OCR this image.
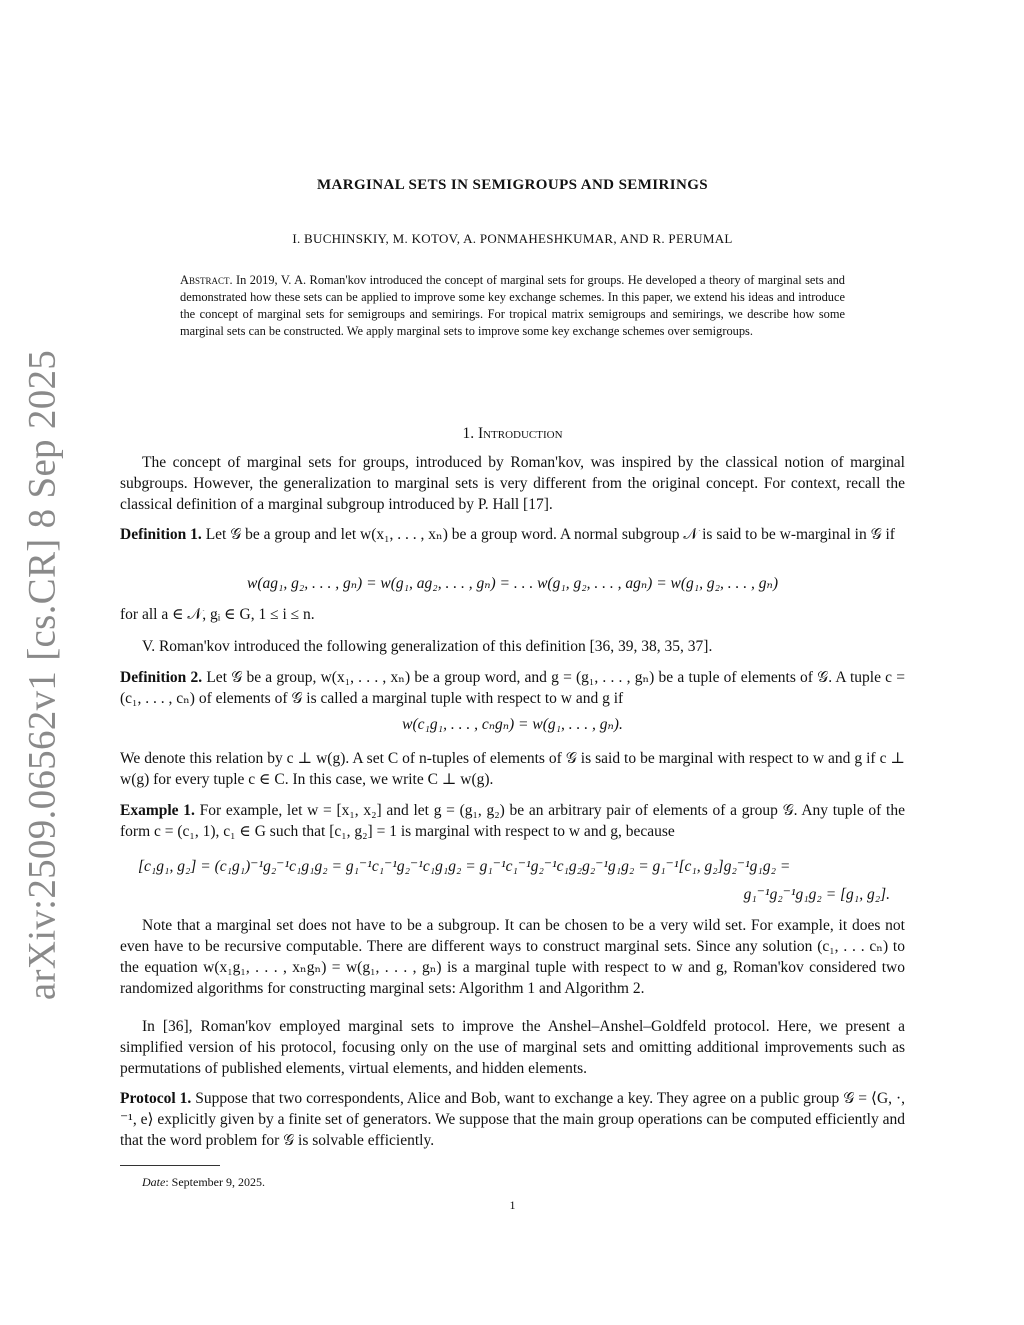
arXiv:2509.06562v1 [cs.CR] 8 Sep 2025
MARGINAL SETS IN SEMIGROUPS AND SEMIRINGS
I. BUCHINSKIY, M. KOTOV, A. PONMAHESHKUMAR, AND R. PERUMAL
Abstract. In 2019, V. A. Roman'kov introduced the concept of marginal sets for groups. He developed a theory of marginal sets and demonstrated how these sets can be applied to improve some key exchange schemes. In this paper, we extend his ideas and introduce the concept of marginal sets for semigroups and semirings. For tropical matrix semigroups and semirings, we describe how some marginal sets can be constructed. We apply marginal sets to improve some key exchange schemes over semigroups.
1. Introduction
The concept of marginal sets for groups, introduced by Roman'kov, was inspired by the classical notion of marginal subgroups. However, the generalization to marginal sets is very different from the original concept. For context, recall the classical definition of a marginal subgroup introduced by P. Hall [17].
Definition 1. Let 𝒢 be a group and let w(x₁, . . . , xₙ) be a group word. A normal subgroup 𝒩 is said to be w-marginal in 𝒢 if
w(ag₁, g₂, . . . , gₙ) = w(g₁, ag₂, . . . , gₙ) = . . . w(g₁, g₂, . . . , agₙ) = w(g₁, g₂, . . . , gₙ)
for all a ∈ 𝒩, gᵢ ∈ G, 1 ≤ i ≤ n.
V. Roman'kov introduced the following generalization of this definition [36, 39, 38, 35, 37].
Definition 2. Let 𝒢 be a group, w(x₁, . . . , xₙ) be a group word, and g = (g₁, . . . , gₙ) be a tuple of elements of 𝒢. A tuple c = (c₁, . . . , cₙ) of elements of 𝒢 is called a marginal tuple with respect to w and g if
w(c₁g₁, . . . , cₙgₙ) = w(g₁, . . . , gₙ).
We denote this relation by c ⊥ w(g). A set C of n-tuples of elements of 𝒢 is said to be marginal with respect to w and g if c ⊥ w(g) for every tuple c ∈ C. In this case, we write C ⊥ w(g).
Example 1. For example, let w = [x₁, x₂] and let g = (g₁, g₂) be an arbitrary pair of elements of a group 𝒢. Any tuple of the form c = (c₁, 1), c₁ ∈ G such that [c₁, g₂] = 1 is marginal with respect to w and g, because
[c₁g₁, g₂] = (c₁g₁)⁻¹g₂⁻¹c₁g₁g₂ = g₁⁻¹c₁⁻¹g₂⁻¹c₁g₁g₂ = g₁⁻¹c₁⁻¹g₂⁻¹c₁g₂g₂⁻¹g₁g₂ = g₁⁻¹[c₁, g₂]g₂⁻¹g₁g₂ =
g₁⁻¹g₂⁻¹g₁g₂ = [g₁, g₂].
Note that a marginal set does not have to be a subgroup. It can be chosen to be a very wild set. For example, it does not even have to be recursive computable. There are different ways to construct marginal sets. Since any solution (c₁, . . . cₙ) to the equation w(x₁g₁, . . . , xₙgₙ) = w(g₁, . . . , gₙ) is a marginal tuple with respect to w and g, Roman'kov considered two randomized algorithms for constructing marginal sets: Algorithm 1 and Algorithm 2.
In [36], Roman'kov employed marginal sets to improve the Anshel–Anshel–Goldfeld protocol. Here, we present a simplified version of his protocol, focusing only on the use of marginal sets and omitting additional improvements such as permutations of published elements, virtual elements, and hidden elements.
Protocol 1. Suppose that two correspondents, Alice and Bob, want to exchange a key. They agree on a public group 𝒢 = ⟨G, ·, ⁻¹, e⟩ explicitly given by a finite set of generators. We suppose that the main group operations can be computed efficiently and that the word problem for 𝒢 is solvable efficiently.
Date: September 9, 2025.
1
